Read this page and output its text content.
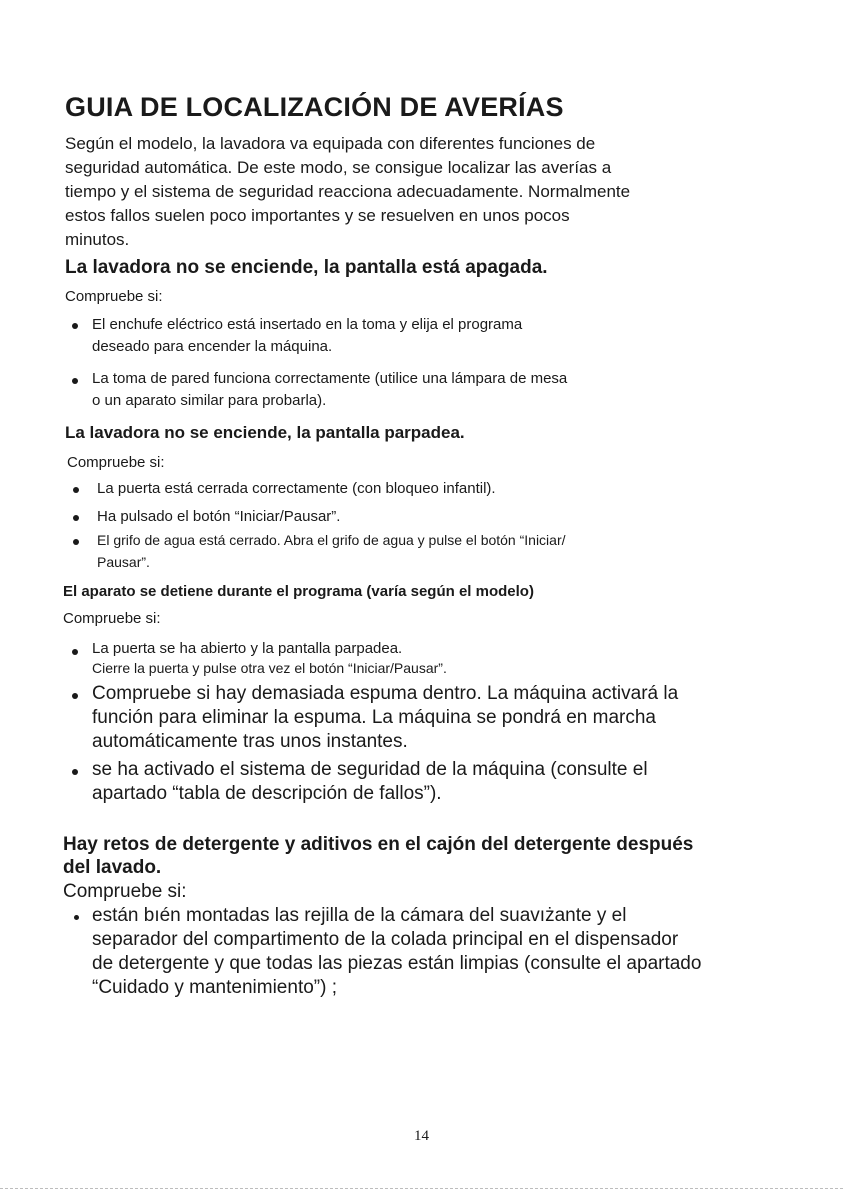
GUIA DE LOCALIZACIÓN DE AVERÍAS
Según el modelo, la lavadora va equipada con diferentes funciones de
seguridad automática. De este modo, se consigue localizar las averías a
tiempo y el sistema de seguridad reacciona adecuadamente. Normalmente
estos fallos suelen poco importantes y se resuelven en unos pocos
minutos.
La lavadora no se enciende, la pantalla está apagada.
Compruebe si:
El enchufe eléctrico está insertado en la toma y elija el programa
deseado para encender la máquina.
La toma de pared funciona correctamente (utilice una lámpara de mesa
o un aparato similar para probarla).
La lavadora no se enciende, la pantalla parpadea.
Compruebe si:
La puerta está cerrada correctamente (con bloqueo infantil).
Ha pulsado el botón “Iniciar/Pausar”.
El grifo de agua está cerrado. Abra el grifo de agua y pulse el botón “Iniciar/
Pausar”.
El aparato se detiene durante el programa (varía según el modelo)
Compruebe si:
La puerta se ha abierto y la pantalla parpadea.
Cierre la puerta y pulse otra vez el botón “Iniciar/Pausar”.
Compruebe si hay demasiada espuma dentro. La máquina activará la
función para eliminar la espuma. La máquina se pondrá en marcha
automáticamente tras unos instantes.
se ha activado el sistema de seguridad de la máquina (consulte el
apartado “tabla de descripción de fallos”).
Hay retos de detergente y aditivos en el cajón del detergente después
del lavado.
Compruebe si:
están bıén montadas las rejilla de la cámara del suavıżante y el
separador del compartimento de la colada principal en el dispensador
de detergente y que todas las piezas están limpias (consulte el apartado
“Cuidado y mantenimiento”) ;
14
